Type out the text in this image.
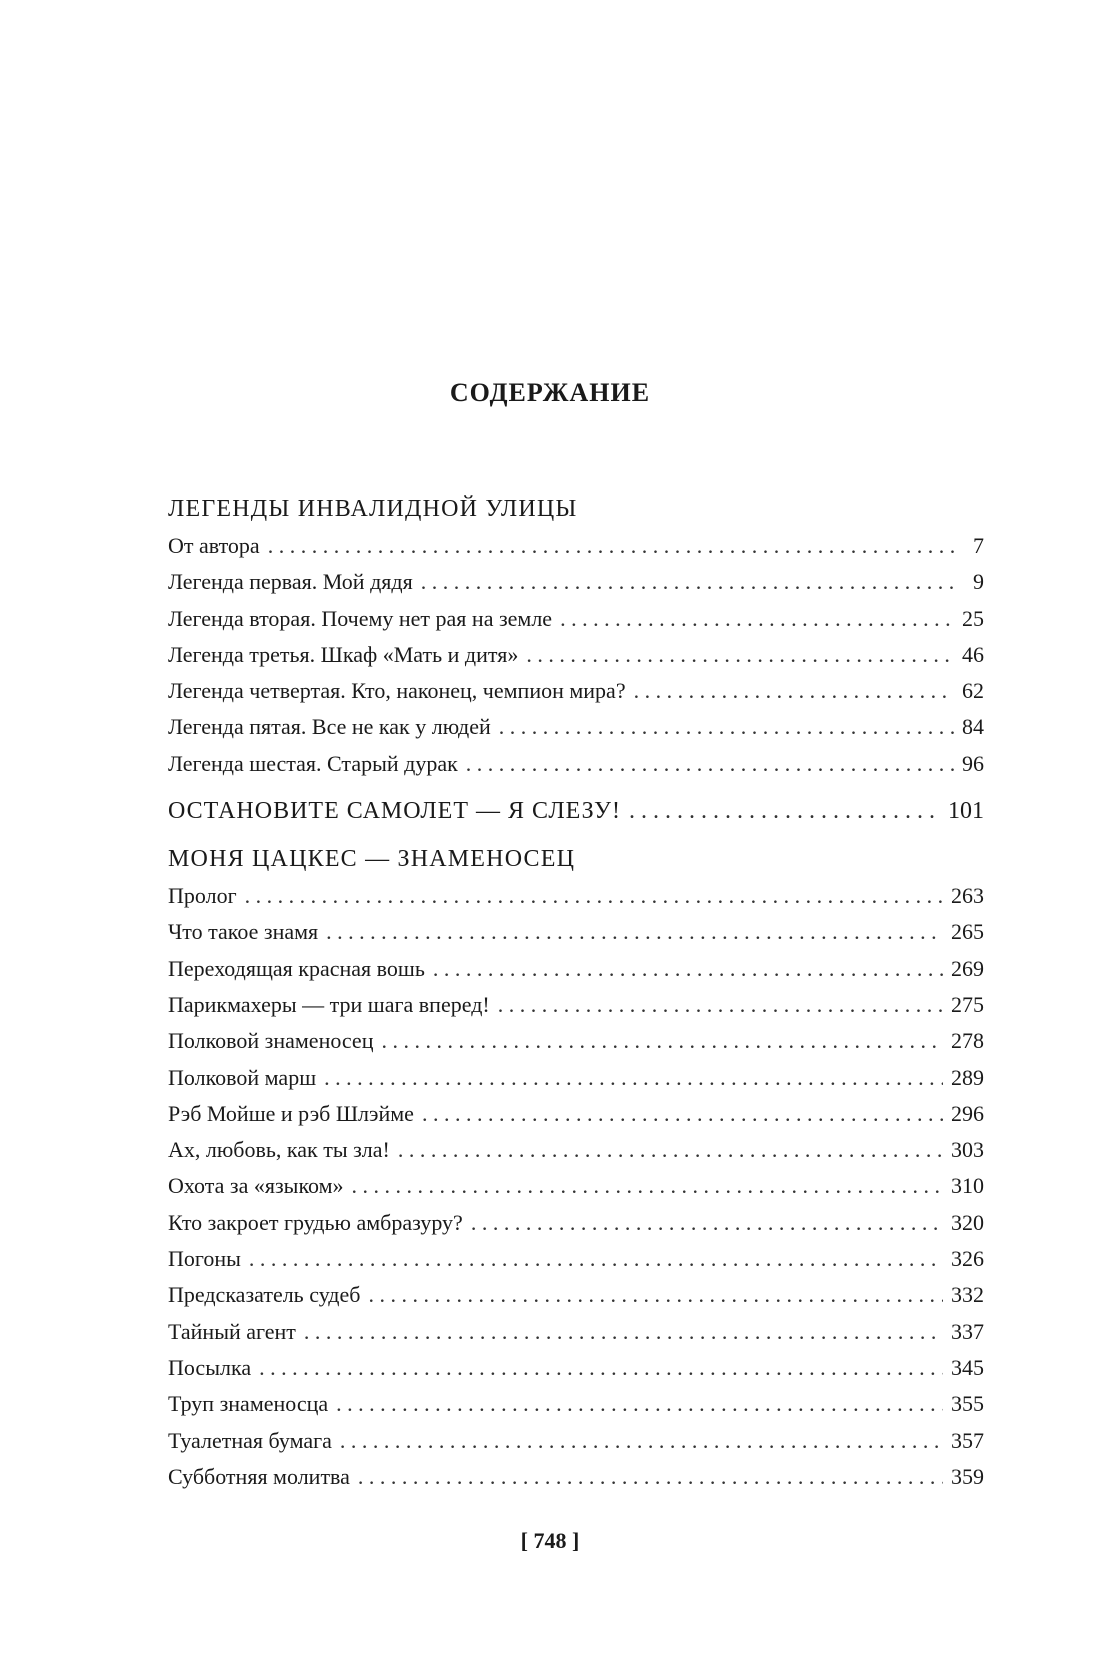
СОДЕРЖАНИЕ
ЛЕГЕНДЫ ИНВАЛИДНОЙ УЛИЦЫ
От автора . . .	7
Легенда первая. Мой дядя . . .	9
Легенда вторая. Почему нет рая на земле . . .	25
Легенда третья. Шкаф «Мать и дитя» . . .	46
Легенда четвертая. Кто, наконец, чемпион мира? . . .	62
Легенда пятая. Все не как у людей . . .	84
Легенда шестая. Старый дурак . . .	96
ОСТАНОВИТЕ САМОЛЕТ — Я СЛЕЗУ! . . .	101
МОНЯ ЦАЦКЕС — ЗНАМЕНОСЕЦ
Пролог . . .	263
Что такое знамя . . .	265
Переходящая красная вошь . . .	269
Парикмахеры — три шага вперед! . . .	275
Полковой знаменосец . . .	278
Полковой марш . . .	289
Рэб Мойше и рэб Шлэйме . . .	296
Ах, любовь, как ты зла! . . .	303
Охота за «языком» . . .	310
Кто закроет грудью амбразуру? . . .	320
Погоны . . .	326
Предсказатель судеб . . .	332
Тайный агент . . .	337
Посылка . . .	345
Труп знаменосца . . .	355
Туалетная бумага . . .	357
Субботняя молитва . . .	359
[ 748 ]
